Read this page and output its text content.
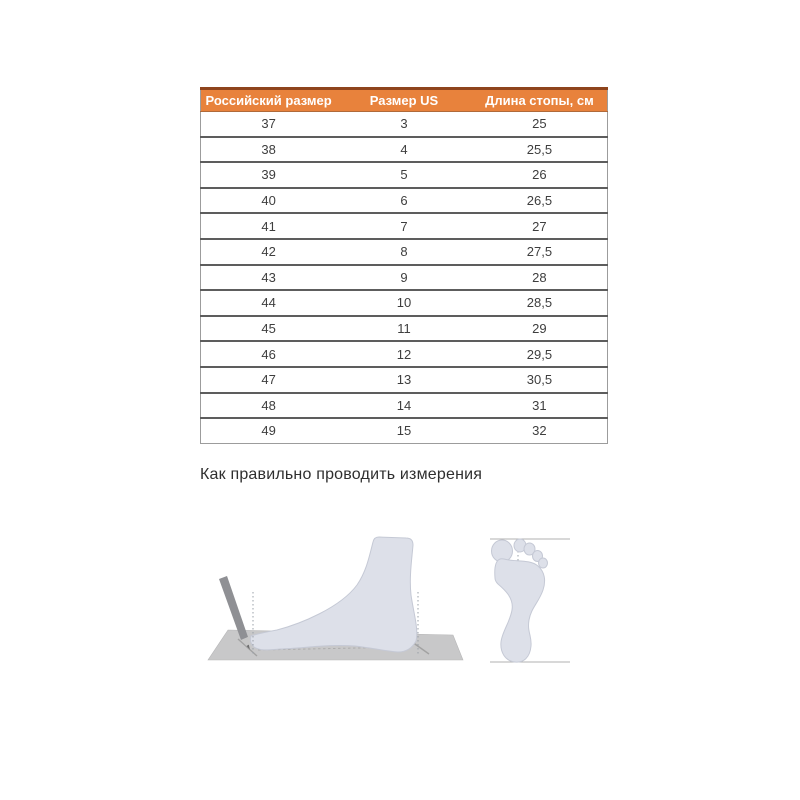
Российский размер	Размер US	Длина стопы, см
37	3	25
38	4	25,5
39	5	26
40	6	26,5
41	7	27
42	8	27,5
43	9	28
44	10	28,5
45	11	29
46	12	29,5
47	13	30,5
48	14	31
49	15	32
Как правильно проводить измерения
